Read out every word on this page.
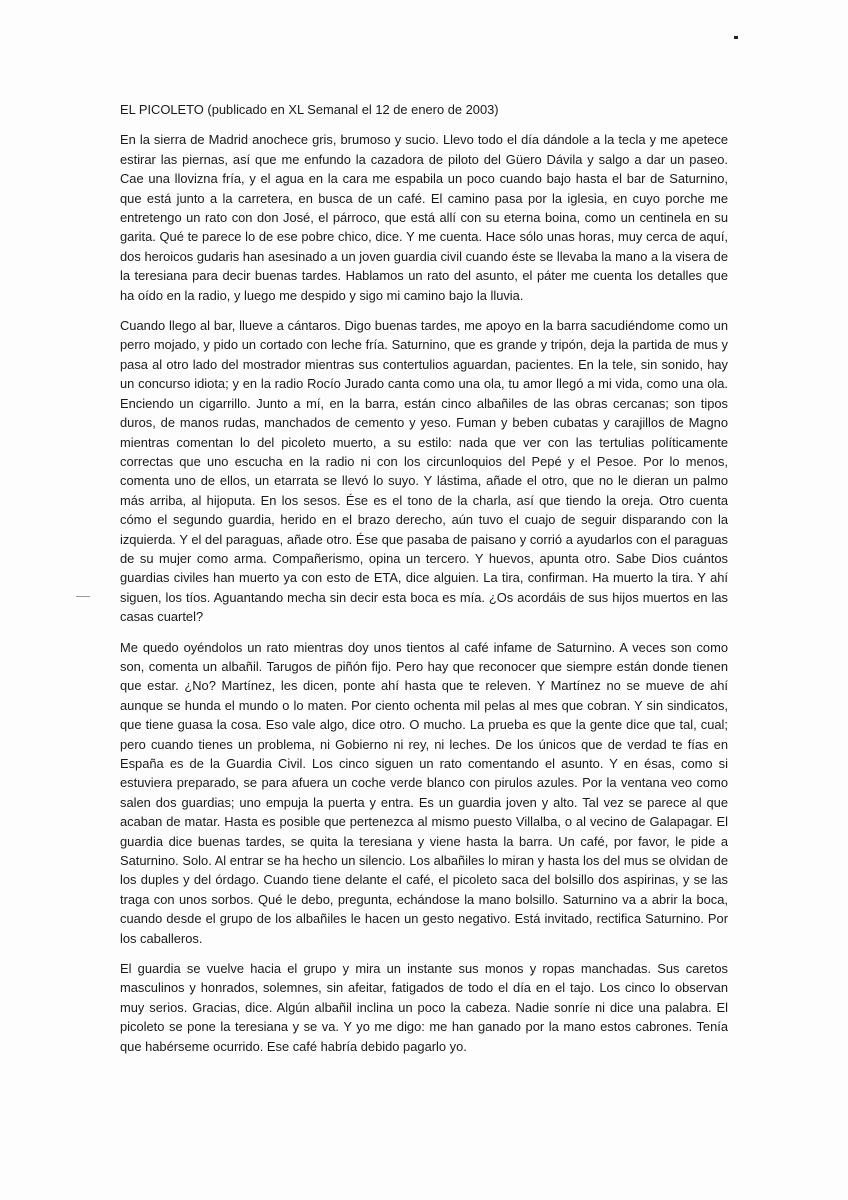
EL PICOLETO (publicado en XL Semanal el 12 de enero de 2003)

En la sierra de Madrid anochece gris, brumoso y sucio. Llevo todo el día dándole a la tecla y me apetece estirar las piernas, así que me enfundo la cazadora de piloto del Güero Dávila y salgo a dar un paseo. Cae una llovizna fría, y el agua en la cara me espabila un poco cuando bajo hasta el bar de Saturnino, que está junto a la carretera, en busca de un café. El camino pasa por la iglesia, en cuyo porche me entretengo un rato con don José, el párroco, que está allí con su eterna boina, como un centinela en su garita. Qué te parece lo de ese pobre chico, dice. Y me cuenta. Hace sólo unas horas, muy cerca de aquí, dos heroicos gudaris han asesinado a un joven guardia civil cuando éste se llevaba la mano a la visera de la teresiana para decir buenas tardes. Hablamos un rato del asunto, el páter me cuenta los detalles que ha oído en la radio, y luego me despido y sigo mi camino bajo la lluvia.

Cuando llego al bar, llueve a cántaros. Digo buenas tardes, me apoyo en la barra sacudiéndome como un perro mojado, y pido un cortado con leche fría. Saturnino, que es grande y tripón, deja la partida de mus y pasa al otro lado del mostrador mientras sus contertulios aguardan, pacientes. En la tele, sin sonido, hay un concurso idiota; y en la radio Rocío Jurado canta como una ola, tu amor llegó a mi vida, como una ola. Enciendo un cigarrillo. Junto a mí, en la barra, están cinco albañiles de las obras cercanas; son tipos duros, de manos rudas, manchados de cemento y yeso. Fuman y beben cubatas y carajillos de Magno mientras comentan lo del picoleto muerto, a su estilo: nada que ver con las tertulias políticamente correctas que uno escucha en la radio ni con los circunloquios del Pepé y el Pesoe. Por lo menos, comenta uno de ellos, un etarrata se llevó lo suyo. Y lástima, añade el otro, que no le dieran un palmo más arriba, al hijoputa. En los sesos. Ése es el tono de la charla, así que tiendo la oreja. Otro cuenta cómo el segundo guardia, herido en el brazo derecho, aún tuvo el cuajo de seguir disparando con la izquierda. Y el del paraguas, añade otro. Ése que pasaba de paisano y corrió a ayudarlos con el paraguas de su mujer como arma. Compañerismo, opina un tercero. Y huevos, apunta otro. Sabe Dios cuántos guardias civiles han muerto ya con esto de ETA, dice alguien. La tira, confirman. Ha muerto la tira. Y ahí siguen, los tíos. Aguantando mecha sin decir esta boca es mía. ¿Os acordáis de sus hijos muertos en las casas cuartel?

Me quedo oyéndolos un rato mientras doy unos tientos al café infame de Saturnino. A veces son como son, comenta un albañil. Tarugos de piñón fijo. Pero hay que reconocer que siempre están donde tienen que estar. ¿No? Martínez, les dicen, ponte ahí hasta que te releven. Y Martínez no se mueve de ahí aunque se hunda el mundo o lo maten. Por ciento ochenta mil pelas al mes que cobran. Y sin sindicatos, que tiene guasa la cosa. Eso vale algo, dice otro. O mucho. La prueba es que la gente dice que tal, cual; pero cuando tienes un problema, ni Gobierno ni rey, ni leches. De los únicos que de verdad te fías en España es de la Guardia Civil. Los cinco siguen un rato comentando el asunto. Y en ésas, como si estuviera preparado, se para afuera un coche verde blanco con pirulos azules. Por la ventana veo como salen dos guardias; uno empuja la puerta y entra. Es un guardia joven y alto. Tal vez se parece al que acaban de matar. Hasta es posible que pertenezca al mismo puesto Villalba, o al vecino de Galapagar. El guardia dice buenas tardes, se quita la teresiana y viene hasta la barra. Un café, por favor, le pide a Saturnino. Solo. Al entrar se ha hecho un silencio. Los albañiles lo miran y hasta los del mus se olvidan de los duples y del órdago. Cuando tiene delante el café, el picoleto saca del bolsillo dos aspirinas, y se las traga con unos sorbos. Qué le debo, pregunta, echándose la mano bolsillo. Saturnino va a abrir la boca, cuando desde el grupo de los albañiles le hacen un gesto negativo. Está invitado, rectifica Saturnino. Por los caballeros.

El guardia se vuelve hacia el grupo y mira un instante sus monos y ropas manchadas. Sus caretos masculinos y honrados, solemnes, sin afeitar, fatigados de todo el día en el tajo. Los cinco lo observan muy serios. Gracias, dice. Algún albañil inclina un poco la cabeza. Nadie sonríe ni dice una palabra. El picoleto se pone la teresiana y se va. Y yo me digo: me han ganado por la mano estos cabrones. Tenía que habérseme ocurrido. Ese café habría debido pagarlo yo.
